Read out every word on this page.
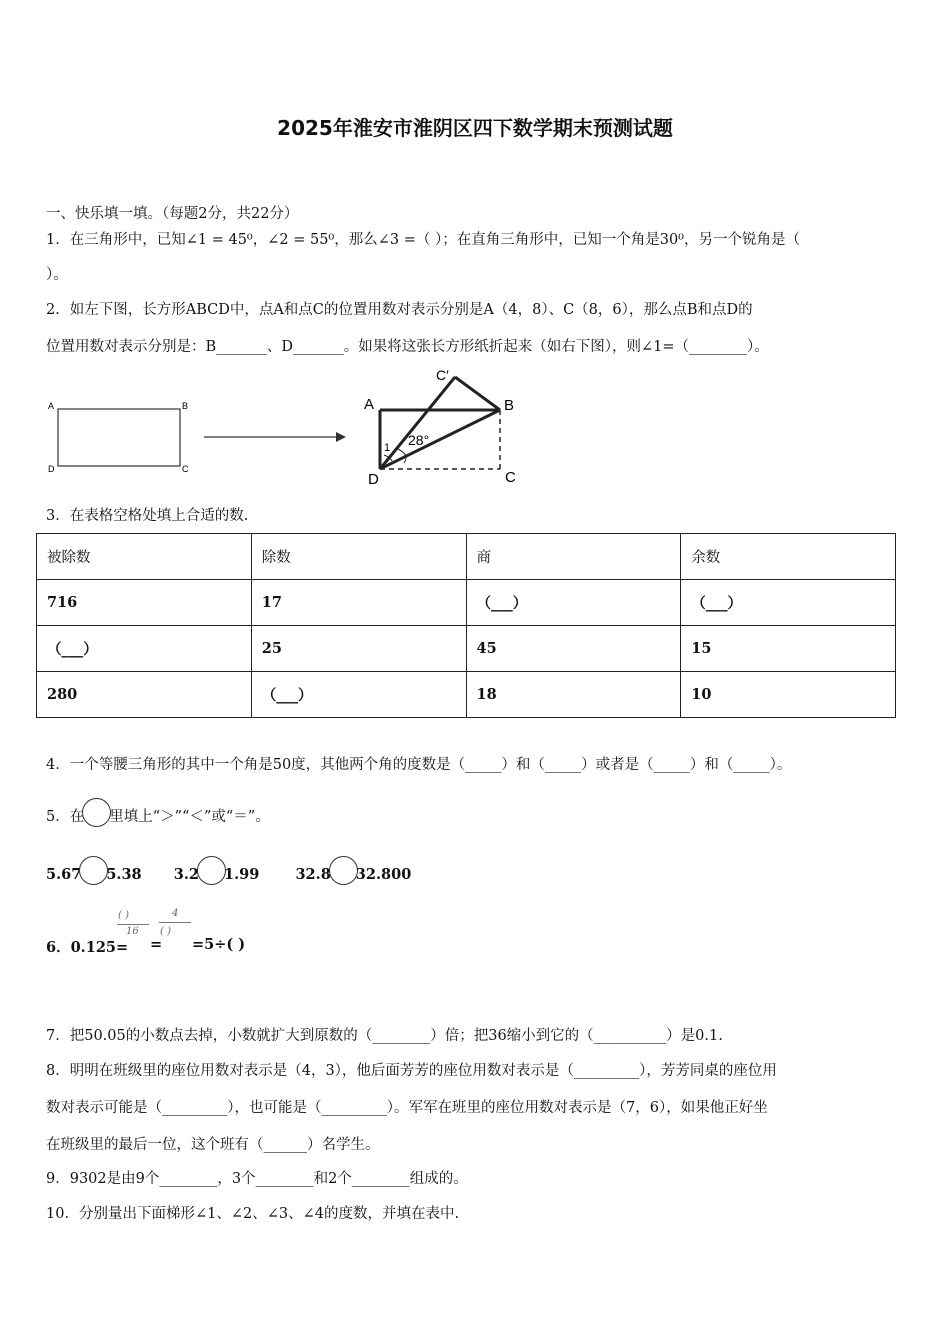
2025年淮安市淮阴区四下数学期末预测试题
一、快乐填一填。（每题2分，共22分）
1．在三角形中，已知∠1 = 45⁰，∠2 = 55⁰，那么∠3 =（ ）；在直角三角形中，已知一个角是30⁰，另一个锐角是（
）。
2．如左下图，长方形ABCD中，点A和点C的位置用数对表示分别是A（4，8）、C（8，6），那么点B和点D的
位置用数对表示分别是：B_______、D_______。如果将这张长方形纸折起来（如右下图），则∠1=（________）。
A	B
D	C
A	B
C
D
C′
1 28°
3．在表格空格处填上合适的数.
被除数	除数	商	余数
716	17	（___）	（___）
（___）	25	45	15
280	（___）	18	10
4．一个等腰三角形的其中一个角是50度，其他两个角的度数是（_____）和（_____）或者是（_____）和（_____）。
5．在 里填上“＞”“＜”或“＝”。
5.67 5.38 3.2 1.99 32.8 32.800
6．0.125=
( )
16
=
4
( )
=5÷( )
7．把50.05的小数点去掉，小数就扩大到原数的（________）倍；把36缩小到它的（__________）是0.1.
8．明明在班级里的座位用数对表示是（4，3），他后面芳芳的座位用数对表示是（_________），芳芳同桌的座位用
数对表示可能是（_________），也可能是（_________）。军军在班里的座位用数对表示是（7，6），如果他正好坐
在班级里的最后一位，这个班有（______）名学生。
9．9302是由9个________，3个________和2个________组成的。
10．分别量出下面梯形∠1、∠2、∠3、∠4的度数，并填在表中.
